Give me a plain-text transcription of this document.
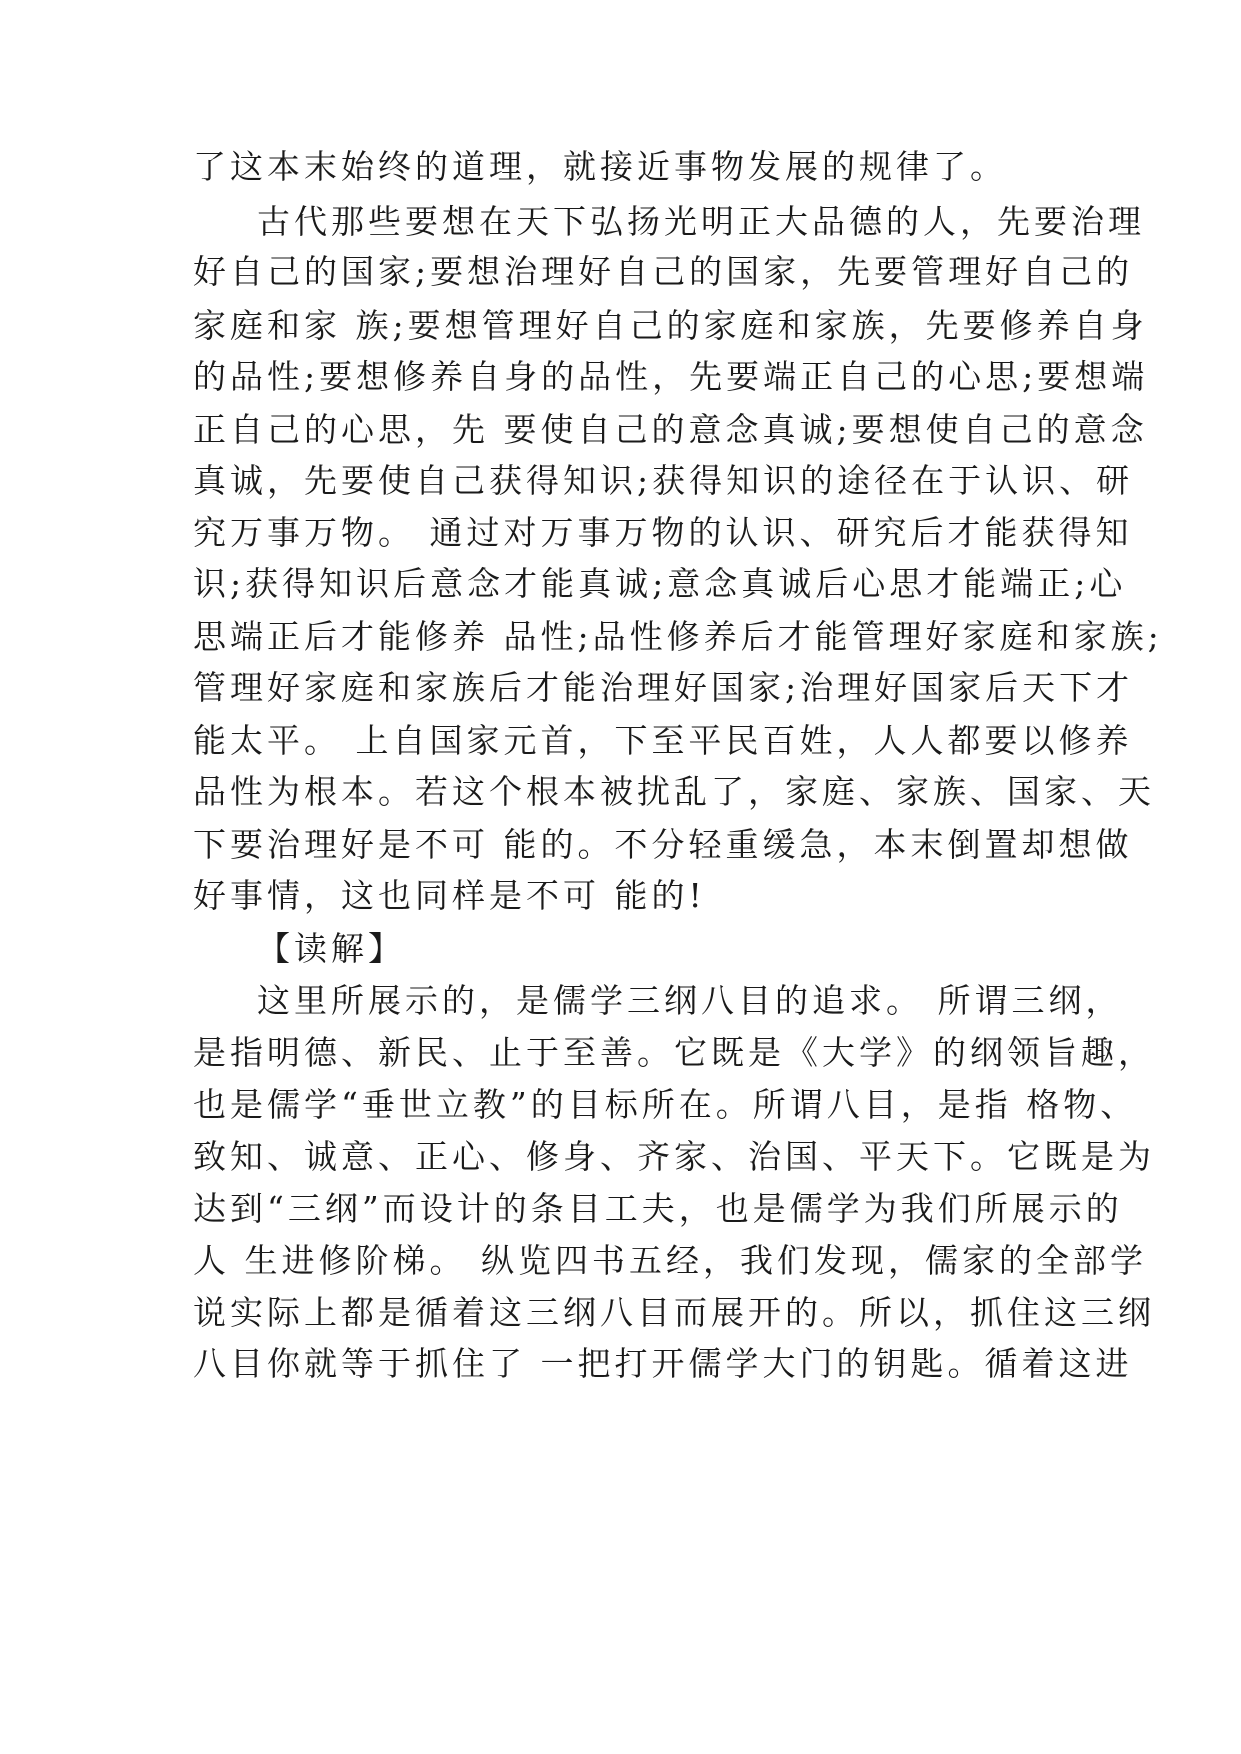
了这本末始终的道理，就接近事物发展的规律了。
古代那些要想在天下弘扬光明正大品德的人，先要治理
好自己的国家;要想治理好自己的国家，先要管理好自己的
家庭和家 族;要想管理好自己的家庭和家族，先要修养自身
的品性;要想修养自身的品性，先要端正自己的心思;要想端
正自己的心思，先 要使自己的意念真诚;要想使自己的意念
真诚，先要使自己获得知识;获得知识的途径在于认识、研
究万事万物。 通过对万事万物的认识、研究后才能获得知
识;获得知识后意念才能真诚;意念真诚后心思才能端正;心
思端正后才能修养 品性;品性修养后才能管理好家庭和家族;
管理好家庭和家族后才能治理好国家;治理好国家后天下才
能太平。 上自国家元首，下至平民百姓，人人都要以修养
品性为根本。若这个根本被扰乱了，家庭、家族、国家、天
下要治理好是不可 能的。不分轻重缓急，本末倒置却想做
好事情，这也同样是不可 能的!
【读解】
这里所展示的，是儒学三纲八目的追求。 所谓三纲，
是指明德、新民、止于至善。它既是《大学》的纲领旨趣，
也是儒学“垂世立教”的目标所在。所谓八目，是指 格物、
致知、诚意、正心、修身、齐家、治国、平天下。它既是为
达到“三纲”而设计的条目工夫，也是儒学为我们所展示的
人 生进修阶梯。 纵览四书五经，我们发现，儒家的全部学
说实际上都是循着这三纲八目而展开的。所以，抓住这三纲
八目你就等于抓住了 一把打开儒学大门的钥匙。循着这进
